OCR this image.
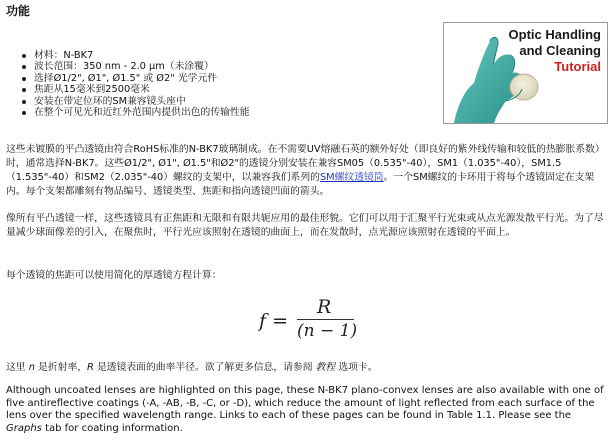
功能
材料：N-BK7
波长范围：350 nm - 2.0 μm（未涂覆）
选择Ø1/2", Ø1", Ø1.5" 或 Ø2" 光学元件
焦距从15毫米到2500毫米
安装在带定位环的SM兼容镜头座中
在整个可见光和近红外范围内提供出色的传输性能
Optic Handling
and Cleaning
Tutorial

这些未镀膜的平凸透镜由符合RoHS标准的N-BK7玻璃制成。在不需要UV熔融石英的额外好处（即良好的紫外线传输和较低的热膨胀系数）时，通常选择N-BK7。这些Ø1/2", Ø1", Ø1.5"和Ø2"的透镜分别安装在兼容SM05（0.535"-40），SM1（1.035"-40），SM1.5（1.535"-40）和SM2（2.035"-40）螺纹的支架中，以兼容我们系列的SM螺纹透镜筒。一个SM螺纹的卡环用于将每个透镜固定在支架内。每个支架都雕刻有物品编号、透镜类型、焦距和指向透镜凹面的箭头。

像所有平凸透镜一样，这些透镜具有正焦距和无限和有限共轭应用的最佳形貌。它们可以用于汇聚平行光束或从点光源发散平行光。为了尽量减少球面像差的引入，在聚焦时，平行光应该照射在透镜的曲面上，而在发散时，点光源应该照射在透镜的平面上。

每个透镜的焦距可以使用简化的厚透镜方程计算：

f =
R
(n − 1)

这里 n 是折射率，R 是透镜表面的曲率半径。欲了解更多信息，请参阅 教程 选项卡。

Although uncoated lenses are highlighted on this page, these N-BK7 plano-convex lenses are also available with one of five antireflective coatings (-A, -AB, -B, -C, or -D), which reduce the amount of light reflected from each surface of the lens over the specified wavelength range. Links to each of these pages can be found in Table 1.1. Please see the Graphs tab for coating information.
